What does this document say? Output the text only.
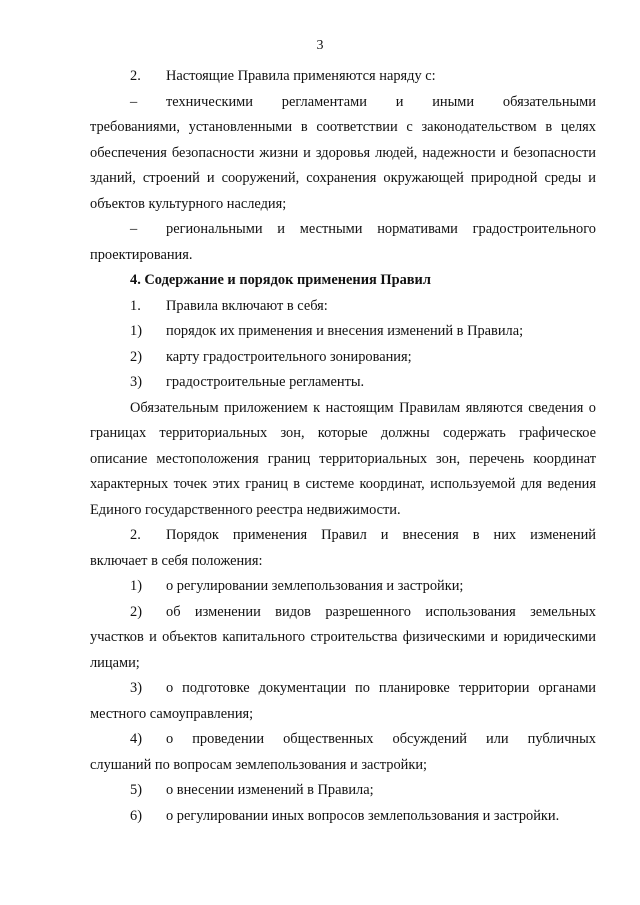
3
2.	Настоящие Правила применяются наряду с:
–	техническими регламентами и иными обязательными

требованиями, установленными в соответствии с законодательством в целях обеспечения безопасности жизни и здоровья людей, надежности и безопасности зданий, строений и сооружений, сохранения окружающей природной среды и объектов культурного наследия;

–	региональными и местными нормативами градостроительного

проектирования.

4. Содержание и порядок применения Правил

1.	Правила включают в себя:
1)	порядок их применения и внесения изменений в Правила;
2)	карту градостроительного зонирования;
3)	градостроительные регламенты.

Обязательным приложением к настоящим Правилам являются сведения о границах территориальных зон, которые должны содержать графическое описание местоположения границ территориальных зон, перечень координат характерных точек этих границ в системе координат, используемой для ведения Единого государственного реестра недвижимости.

2.	Порядок применения Правил и внесения в них изменений

включает в себя положения:

1)	о регулировании землепользования и застройки;
2)	об изменении видов разрешенного использования земельных

участков и объектов капитального строительства физическими и юридическими лицами;

3)	о подготовке документации по планировке территории органами

местного самоуправления;

4)	о проведении общественных обсуждений или публичных

слушаний по вопросам землепользования и застройки;

5)	о внесении изменений в Правила;
6)	о регулировании иных вопросов землепользования и застройки.
